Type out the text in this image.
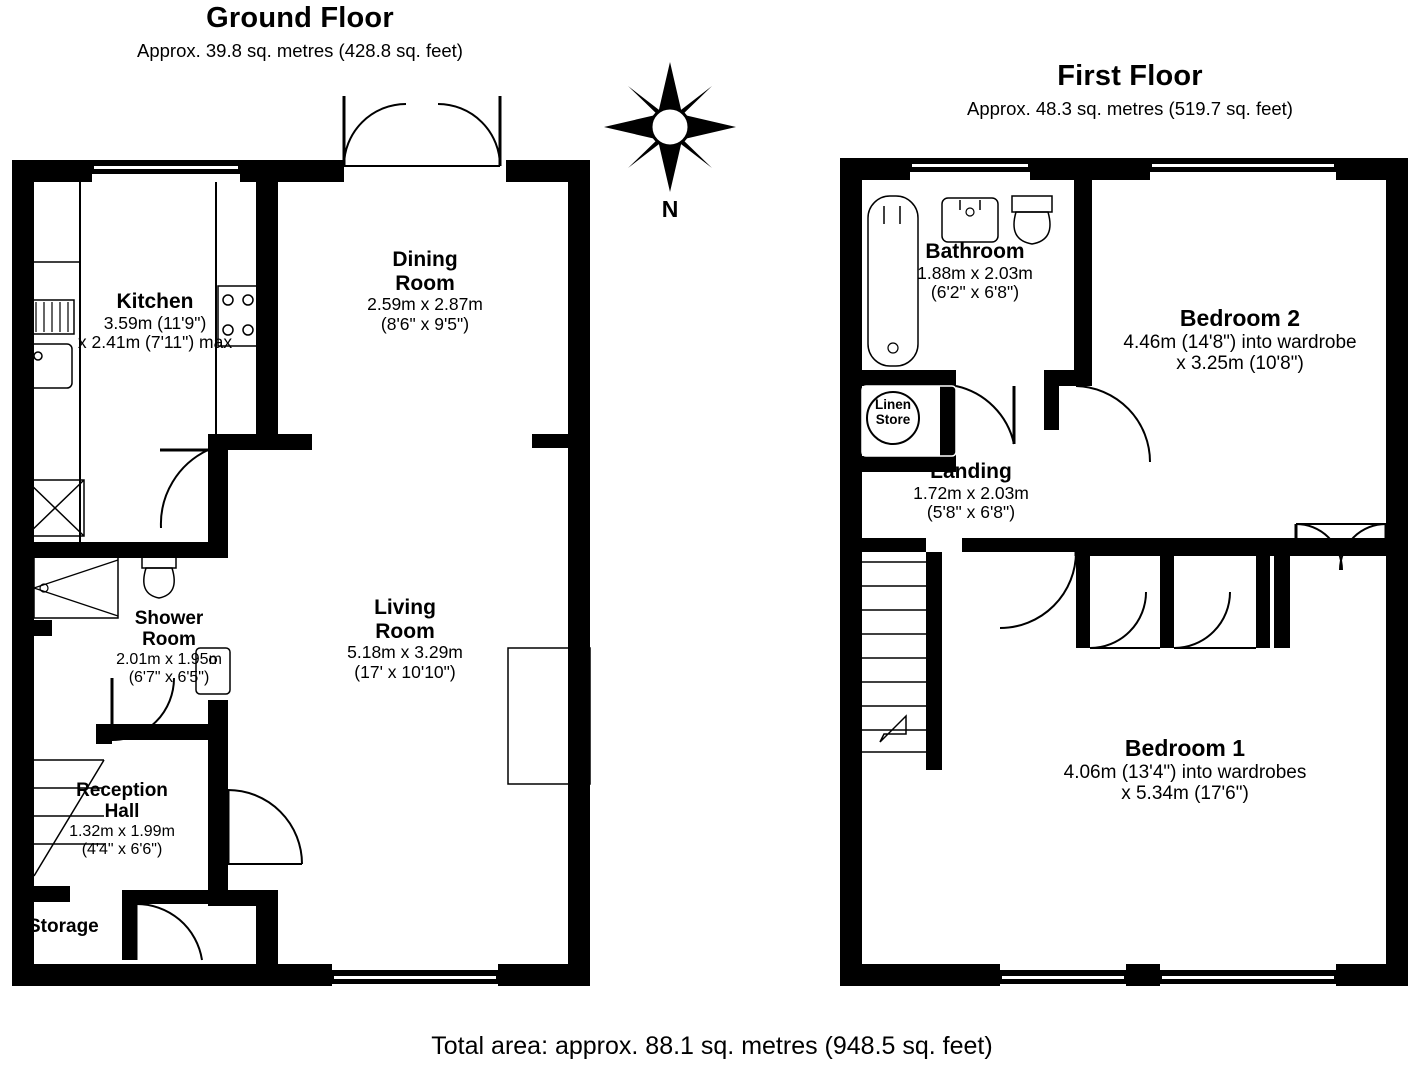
Ground Floor
Approx. 39.8 sq. metres (428.8 sq. feet)
First Floor
Approx. 48.3 sq. metres (519.7 sq. feet)
Total area: approx. 88.1 sq. metres (948.5 sq. feet)
Kitchen
3.59m (11'9")
x 2.41m (7'11") max
Dining
Room
2.59m x 2.87m
(8'6" x 9'5")
Living
Room
5.18m x 3.29m
(17' x 10'10")
Shower
Room
2.01m x 1.95m
(6'7" x 6'5")
Reception
Hall
1.32m x 1.99m
(4'4" x 6'6")
Storage
N
Bathroom
1.88m x 2.03m
(6'2" x 6'8")
Bedroom 2
4.46m (14'8") into wardrobe
x 3.25m (10'8")
Landing
1.72m x 2.03m
(5'8" x 6'8")
Bedroom 1
4.06m (13'4") into wardrobes
x 5.34m (17'6")
Linen
Store
